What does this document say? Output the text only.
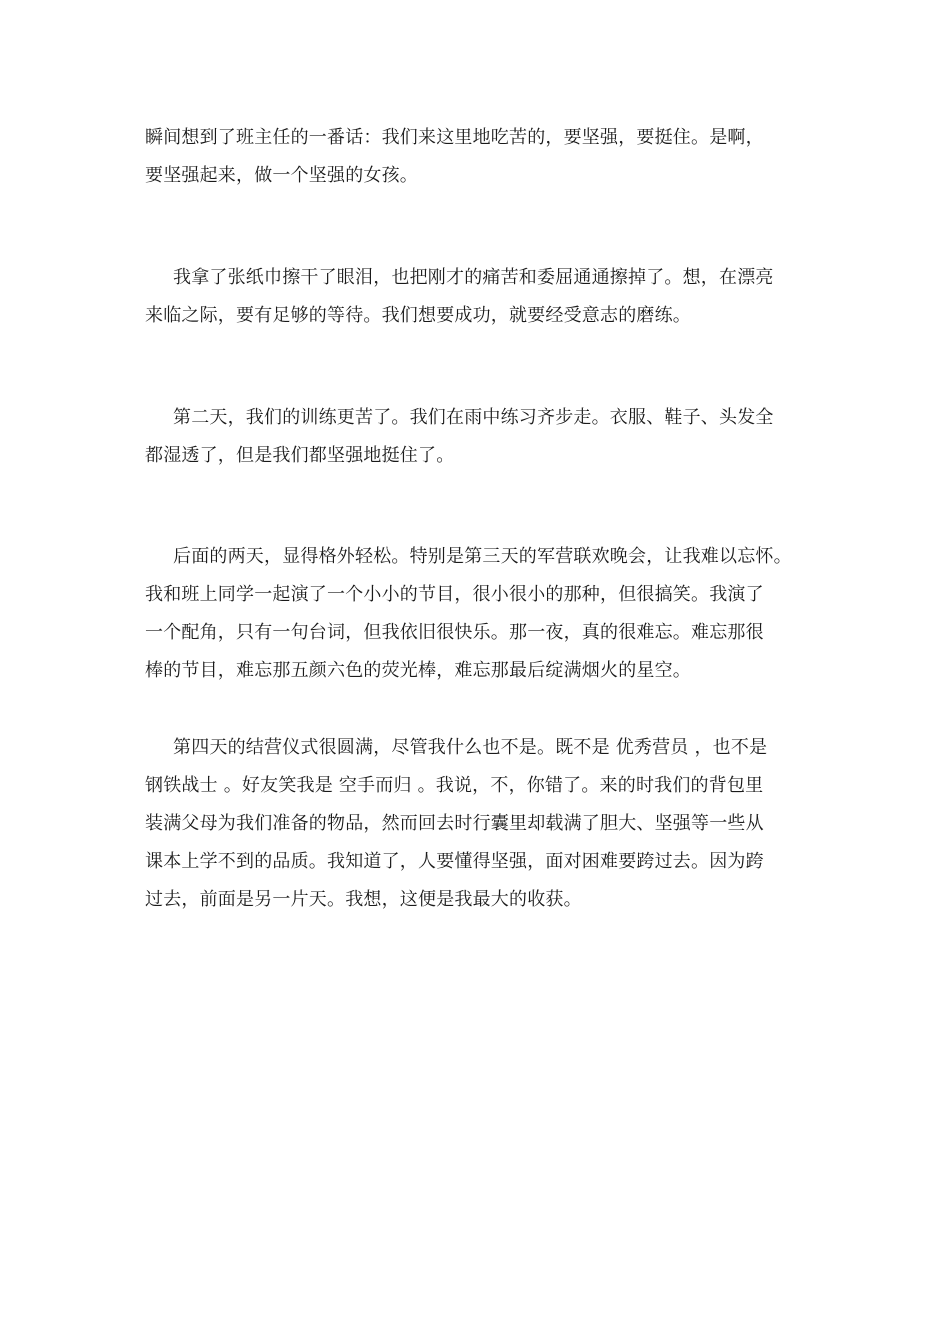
瞬间想到了班主任的一番话：我们来这里地吃苦的，要坚强，要挺住。是啊，
要坚强起来，做一个坚强的女孩。
我拿了张纸巾擦干了眼泪，也把刚才的痛苦和委屈通通擦掉了。想，在漂亮
来临之际，要有足够的等待。我们想要成功，就要经受意志的磨练。
第二天，我们的训练更苦了。我们在雨中练习齐步走。衣服、鞋子、头发全
都湿透了，但是我们都坚强地挺住了。
后面的两天，显得格外轻松。特别是第三天的军营联欢晚会，让我难以忘怀。
我和班上同学一起演了一个小小的节目，很小很小的那种，但很搞笑。我演了
一个配角，只有一句台词，但我依旧很快乐。那一夜，真的很难忘。难忘那很
棒的节目，难忘那五颜六色的荧光棒，难忘那最后绽满烟火的星空。
第四天的结营仪式很圆满，尽管我什么也不是。既不是 优秀营员 ，也不是
钢铁战士 。好友笑我是 空手而归 。我说，不，你错了。来的时我们的背包里
装满父母为我们准备的物品，然而回去时行囊里却载满了胆大、坚强等一些从
课本上学不到的品质。我知道了，人要懂得坚强，面对困难要跨过去。因为跨
过去，前面是另一片天。我想，这便是我最大的收获。
